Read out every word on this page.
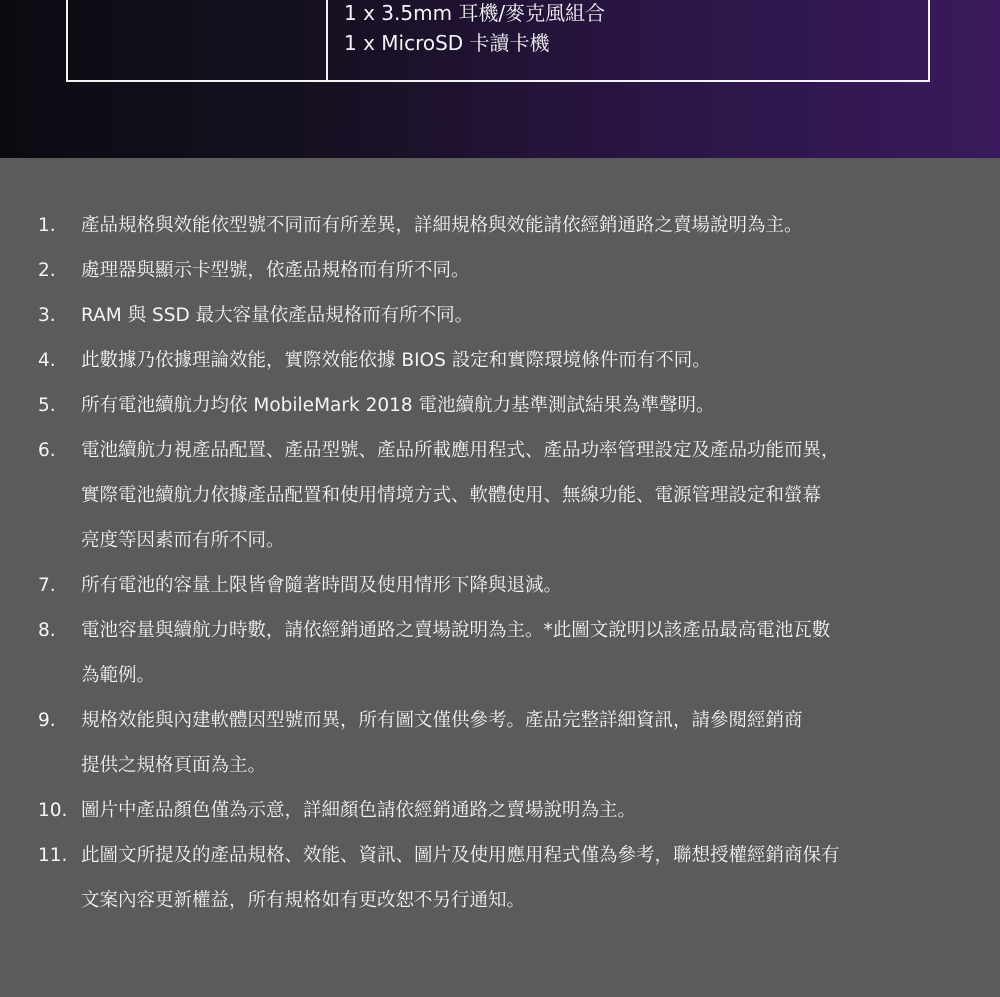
1 x 3.5mm 耳機/麥克風組合
1 x MicroSD 卡讀卡機
1.	產品規格與效能依型號不同而有所差異，詳細規格與效能請依經銷通路之賣場說明為主。
2.	處理器與顯示卡型號，依產品規格而有所不同。
3.	RAM 與 SSD 最大容量依產品規格而有所不同。
4.	此數據乃依據理論效能，實際效能依據 BIOS 設定和實際環境條件而有不同。
5.	所有電池續航力均依 MobileMark 2018 電池續航力基準測試結果為準聲明。
6.	電池續航力視產品配置、產品型號、產品所載應用程式、產品功率管理設定及產品功能而異，
實際電池續航力依據產品配置和使用情境方式、軟體使用、無線功能、電源管理設定和螢幕
亮度等因素而有所不同。
7.	所有電池的容量上限皆會隨著時間及使用情形下降與退減。
8.	電池容量與續航力時數，請依經銷通路之賣場說明為主。*此圖文說明以該產品最高電池瓦數
為範例。
9.	規格效能與內建軟體因型號而異，所有圖文僅供參考。產品完整詳細資訊，請參閱經銷商
提供之規格頁面為主。
10. 圖片中產品顏色僅為示意，詳細顏色請依經銷通路之賣場說明為主。
11. 此圖文所提及的產品規格、效能、資訊、圖片及使用應用程式僅為參考，聯想授權經銷商保有
文案內容更新權益，所有規格如有更改恕不另行通知。
